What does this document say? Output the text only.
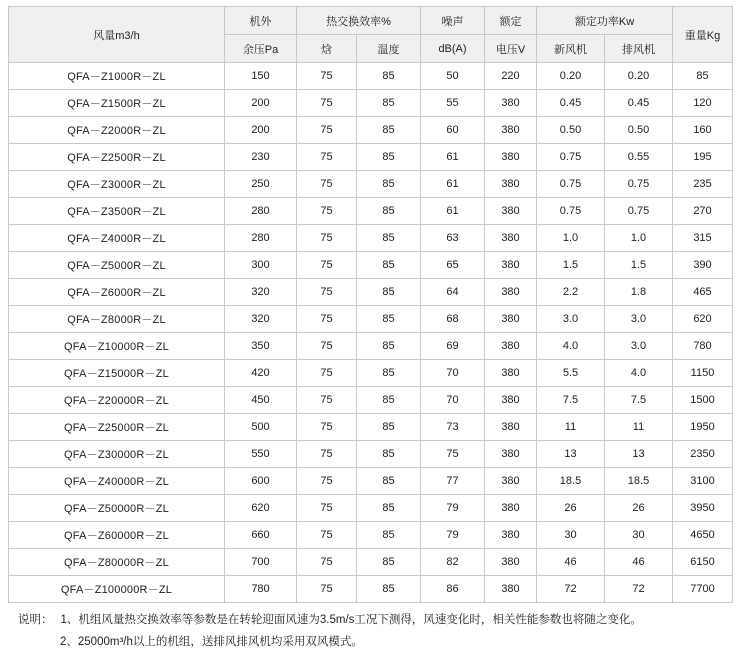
风量m3/h	机外	热交换效率%		噪声	额定	额定功率Kw		重量Kg
	余压Pa	焓	温度	dB(A)	电压V	新风机	排风机	
QFA－Z1000R－ZL	150	75	85	50	220	0.20	0.20	85
QFA－Z1500R－ZL	200	75	85	55	380	0.45	0.45	120
QFA－Z2000R－ZL	200	75	85	60	380	0.50	0.50	160
QFA－Z2500R－ZL	230	75	85	61	380	0.75	0.55	195
QFA－Z3000R－ZL	250	75	85	61	380	0.75	0.75	235
QFA－Z3500R－ZL	280	75	85	61	380	0.75	0.75	270
QFA－Z4000R－ZL	280	75	85	63	380	1.0	1.0	315
QFA－Z5000R－ZL	300	75	85	65	380	1.5	1.5	390
QFA－Z6000R－ZL	320	75	85	64	380	2.2	1.8	465
QFA－Z8000R－ZL	320	75	85	68	380	3.0	3.0	620
QFA－Z10000R－ZL	350	75	85	69	380	4.0	3.0	780
QFA－Z15000R－ZL	420	75	85	70	380	5.5	4.0	1150
QFA－Z20000R－ZL	450	75	85	70	380	7.5	7.5	1500
QFA－Z25000R－ZL	500	75	85	73	380	11	11	1950
QFA－Z30000R－ZL	550	75	85	75	380	13	13	2350
QFA－Z40000R－ZL	600	75	85	77	380	18.5	18.5	3100
QFA－Z50000R－ZL	620	75	85	79	380	26	26	3950
QFA－Z60000R－ZL	660	75	85	79	380	30	30	4650
QFA－Z80000R－ZL	700	75	85	82	380	46	46	6150
QFA－Z100000R－ZL	780	75	85	86	380	72	72	7700
说明： 1、机组风量热交换效率等参数是在转轮迎面风速为3.5m/s工况下测得，风速变化时，相关性能参数也将随之变化。
2、25000m³/h以上的机组，送排风排风机均采用双风模式。
